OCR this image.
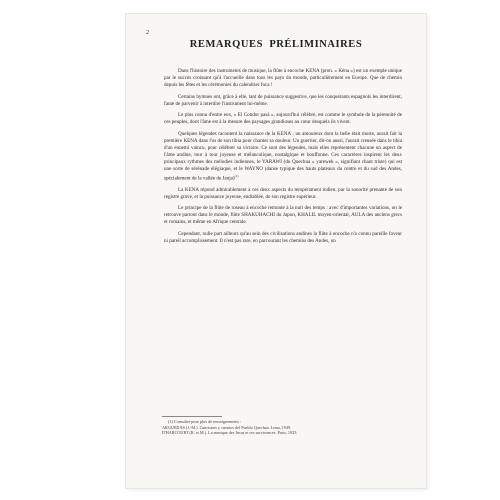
2
REMARQUES  PRÉLIMINAIRES

Dans l'histoire des instruments de musique, la flûte à encoche KENA (pron. « Kéna ») est un exemple unique par le succès croissant qu'à l'accueille dans tous les pays du monde, particulièrement en Europe. Que de chemin depuis les fêtes et les cérémonies du calendrier Inca !

Certains hymnes ont, grâce à elle, tant de puissance suggestive, que les conquérants espagnols les interdirent, faute de parvenir à interdire l'instrument lui-même.

Le plus connu d'entre eux, « El Condor pasá », aujourd'hui célèbre, est comme le symbole de la pérennité de ces peuples, dont l'âme est à la mesure des paysages grandioses au cœur desquels ils vivent.

Quelques légendes racontent la naissance de la KENA : un amoureux dont la belle était morte, aurait fait la première KENA dans l'os de son tibia pour chanter sa douleur. Un guerrier, dit-on aussi, l'aurait creusée dans le tibia d'un ennemi vaincu, pour célébrer sa victoire. Ce sont des légendes, mais elles représentent chacune un aspect de l'âme andine, tour à tour joyeuse et mélancolique, nostalgique et bouffonne. Ces caractères inspirent les deux principaux rythmes des mélodies indiennes, le YARAWI (du Quechua « yarewek », signifiant chant triste) qui est une sorte de sérénade élégiaque, et le WAYNO (danse typique des hauts plateaux du centre et du sud des Andes, spécialement de la vallée de Jauja)$^{(1)}$

La KENA répond admirablement à ces deux aspects du tempérament indien, par la sonorité prenante de son registre grave, et la puissance joyeuse, endiablée, de son registre supérieur.

Le principe de la flûte de roseau à encoche remonte à la nuit des temps : avec d'importantes variations, on le retrouve partout dans le monde, flûte SHAKUHACHI du Japon, KHALIL moyen-oriental, AULA des anciens grecs et romains, et même en Afrique centrale.

Cependant, nulle part ailleurs qu'au sein des civilisations andines la flûte à encoche n'a connu pareille faveur ni pareil accomplissement. Il n'est pas rare, en parcourant les chemins des Andes, un

(1) Consulter pour plus de renseignements :
ARGUEDAS (J.-M.). Canciones y cuentos del Pueblo Quechua. Lima, 1949.
D'HARCOURT (R. et M.). La musique des Incas et ses survivances. Paris, 1925.
